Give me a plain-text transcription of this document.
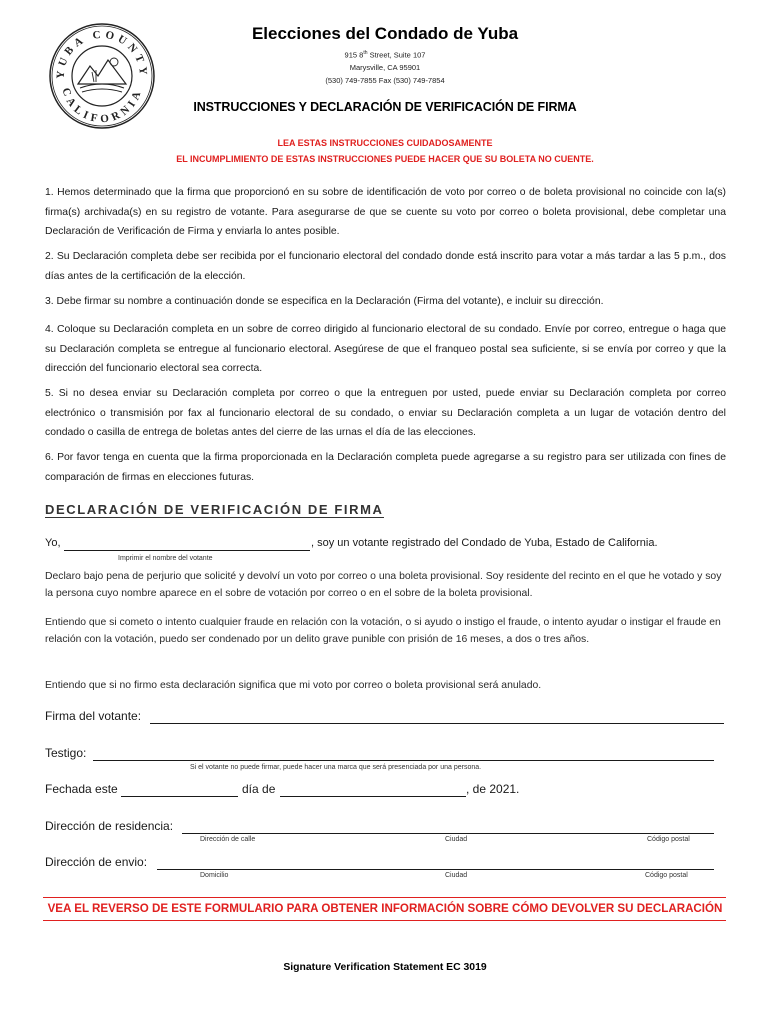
YUBA COUNTY
CALIFORNIA
Elecciones del Condado de Yuba
915 8th Street, Suite 107
Marysville, CA 95901
(530) 749-7855 Fax (530) 749-7854
INSTRUCCIONES Y DECLARACIÓN DE VERIFICACIÓN DE FIRMA
LEA ESTAS INSTRUCCIONES CUIDADOSAMENTE
EL INCUMPLIMIENTO DE ESTAS INSTRUCCIONES PUEDE HACER QUE SU BOLETA NO CUENTE.

1. Hemos determinado que la firma que proporcionó en su sobre de identificación de voto por correo o de boleta provisional no coincide con la(s) firma(s) archivada(s) en su registro de votante. Para asegurarse de que se cuente su voto por correo o boleta provisional, debe completar una Declaración de Verificación de Firma y enviarla lo antes posible.

2. Su Declaración completa debe ser recibida por el funcionario electoral del condado donde está inscrito para votar a más tardar a las 5 p.m., dos días antes de la certificación de la elección.

3. Debe firmar su nombre a continuación donde se especifica en la Declaración (Firma del votante), e incluir su dirección.

4. Coloque su Declaración completa en un sobre de correo dirigido al funcionario electoral de su condado. Envíe por correo, entregue o haga que su Declaración completa se entregue al funcionario electoral. Asegúrese de que el franqueo postal sea suficiente, si se envía por correo y que la dirección del funcionario electoral sea correcta.

5. Si no desea enviar su Declaración completa por correo o que la entreguen por usted, puede enviar su Declaración completa por correo electrónico o transmisión por fax al funcionario electoral de su condado, o enviar su Declaración completa a un lugar de votación dentro del condado o casilla de entrega de boletas antes del cierre de las urnas el día de las elecciones.

6. Por favor tenga en cuenta que la firma proporcionada en la Declaración completa puede agregarse a su registro para ser utilizada con fines de comparación de firmas en elecciones futuras.

DECLARACIÓN DE VERIFICACIÓN DE FIRMA
Yo,	, soy un votante registrado del Condado de Yuba, Estado de California.
Imprimir el nombre del votante

Declaro bajo pena de perjurio que solicité y devolví un voto por correo o una boleta provisional. Soy residente del recinto en el que he votado y soy la persona cuyo nombre aparece en el sobre de votación por correo o en el sobre de la boleta provisional.

Entiendo que si cometo o intento cualquier fraude en relación con la votación, o si ayudo o instigo el fraude, o intento ayudar o instigar el fraude en relación con la votación, puedo ser condenado por un delito grave punible con prisión de 16 meses, a dos o tres años.

Entiendo que si no firmo esta declaración significa que mi voto por correo o boleta provisional será anulado.

Firma del votante:
Testigo:
Si el votante no puede firmar, puede hacer una marca que será presenciada por una persona.
Fechada este	día de	, de 2021.
Dirección de residencia:
Dirección de calle	Ciudad	Código postal
Dirección de envio:
Domicilio	Ciudad	Código postal
VEA EL REVERSO DE ESTE FORMULARIO PARA OBTENER INFORMACIÓN SOBRE CÓMO DEVOLVER SU DECLARACIÓN
Signature Verification Statement EC 3019
